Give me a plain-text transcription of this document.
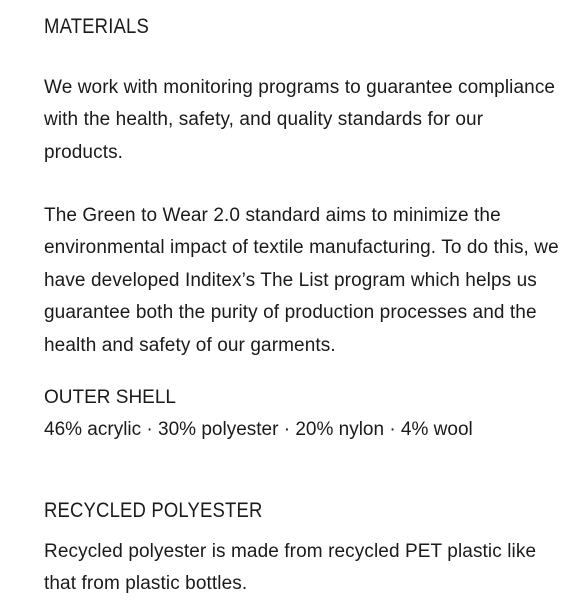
MATERIALS

We work with monitoring programs to guarantee compliance with the health, safety, and quality standards for our products.

The Green to Wear 2.0 standard aims to minimize the environmental impact of textile manufacturing. To do this, we have developed Inditex’s The List program which helps us guarantee both the purity of production processes and the health and safety of our garments.

OUTER SHELL

46% acrylic · 30% polyester · 20% nylon · 4% wool

RECYCLED POLYESTER

Recycled polyester is made from recycled PET plastic like that from plastic bottles.
